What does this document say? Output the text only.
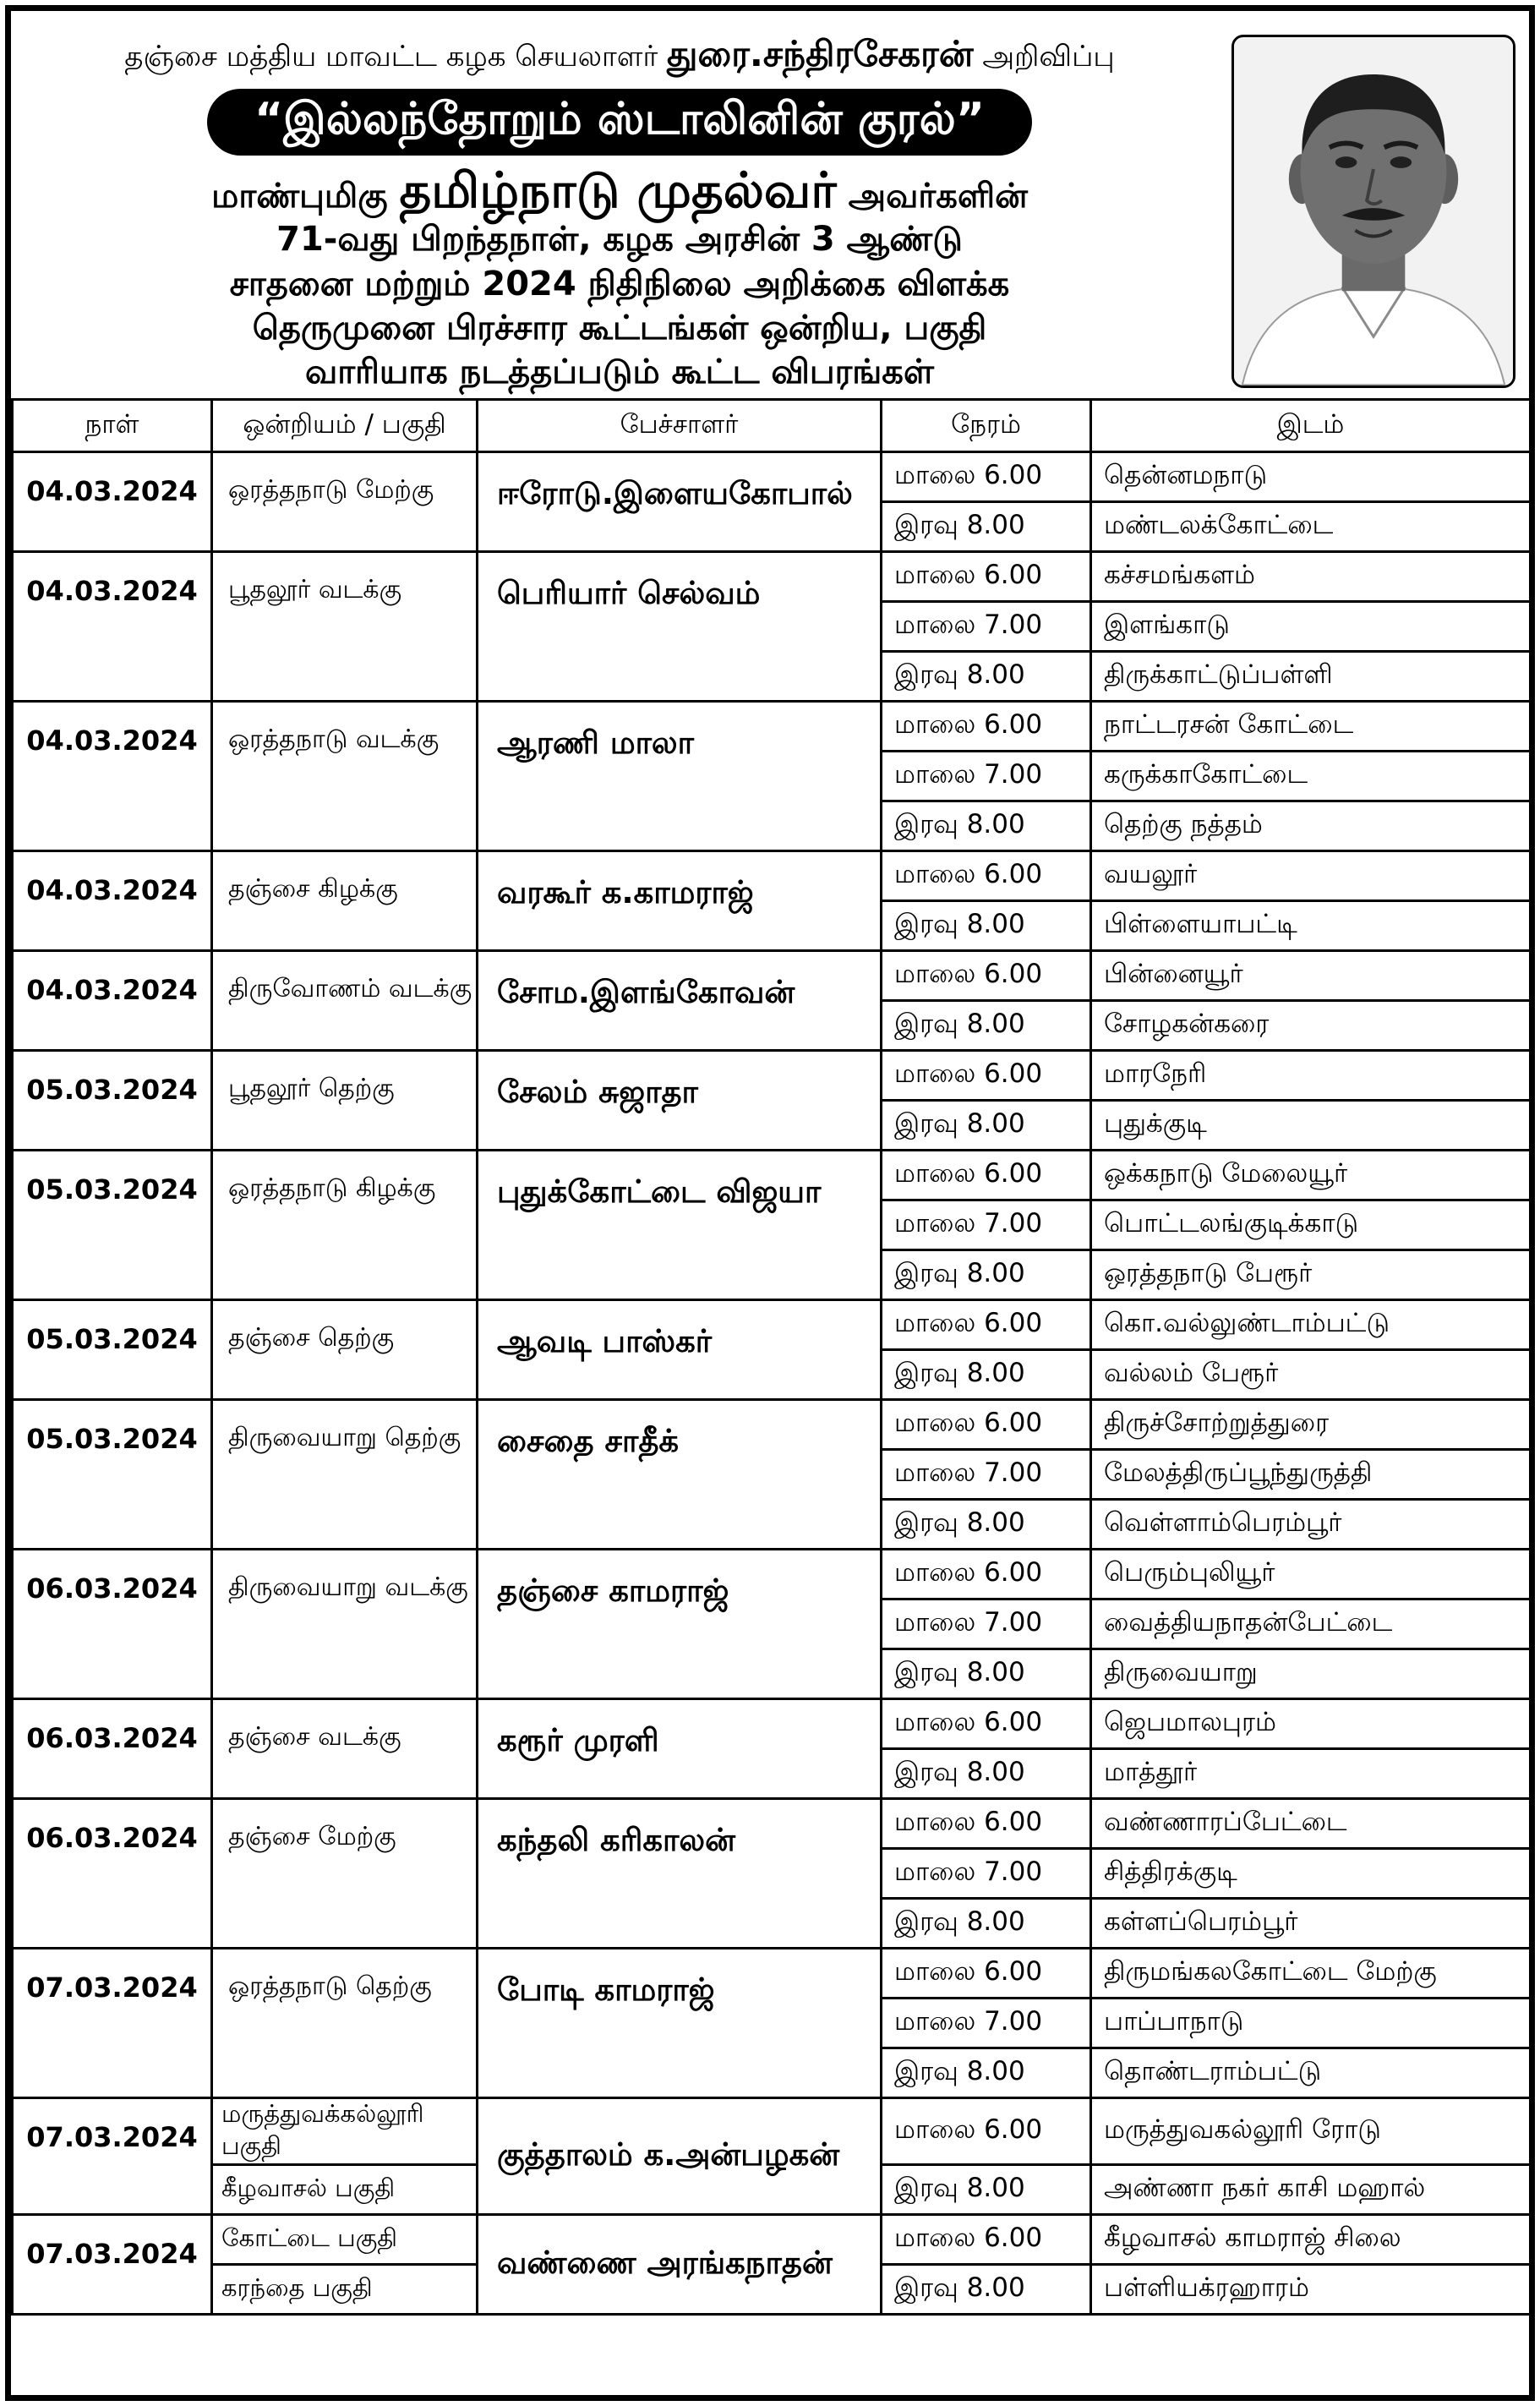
தஞ்சை மத்திய மாவட்ட கழக செயலாளர் துரை.சந்திரசேகரன் அறிவிப்பு
“இல்லந்தோறும் ஸ்டாலினின் குரல்”
மாண்புமிகு தமிழ்நாடு முதல்வர் அவர்களின்
71-வது பிறந்தநாள், கழக அரசின் 3 ஆண்டு
சாதனை மற்றும் 2024 நிதிநிலை அறிக்கை விளக்க
தெருமுனை பிரச்சார கூட்டங்கள் ஒன்றிய, பகுதி
வாரியாக நடத்தப்படும் கூட்ட விபரங்கள்
நாள்	ஒன்றியம் / பகுதி	பேச்சாளர்	நேரம்	இடம்
04.03.2024	ஒரத்தநாடு மேற்கு	ஈரோடு.இளையகோபால்	மாலை 6.00	தென்னமநாடு
			இரவு 8.00	மண்டலக்கோட்டை
04.03.2024	பூதலூர் வடக்கு	பெரியார் செல்வம்	மாலை 6.00	கச்சமங்களம்
			மாலை 7.00	இளங்காடு
			இரவு 8.00	திருக்காட்டுப்பள்ளி
04.03.2024	ஒரத்தநாடு வடக்கு	ஆரணி மாலா	மாலை 6.00	நாட்டரசன் கோட்டை
			மாலை 7.00	கருக்காகோட்டை
			இரவு 8.00	தெற்கு நத்தம்
04.03.2024	தஞ்சை கிழக்கு	வரகூர் க.காமராஜ்	மாலை 6.00	வயலூர்
			இரவு 8.00	பிள்ளையாபட்டி
04.03.2024	திருவோணம் வடக்கு	சோம.இளங்கோவன்	மாலை 6.00	பின்னையூர்
			இரவு 8.00	சோழகன்கரை
05.03.2024	பூதலூர் தெற்கு	சேலம் சுஜாதா	மாலை 6.00	மாரநேரி
			இரவு 8.00	புதுக்குடி
05.03.2024	ஒரத்தநாடு கிழக்கு	புதுக்கோட்டை விஜயா	மாலை 6.00	ஒக்கநாடு மேலையூர்
			மாலை 7.00	பொட்டலங்குடிக்காடு
			இரவு 8.00	ஒரத்தநாடு பேரூர்
05.03.2024	தஞ்சை தெற்கு	ஆவடி பாஸ்கர்	மாலை 6.00	கொ.வல்லுண்டாம்பட்டு
			இரவு 8.00	வல்லம் பேரூர்
05.03.2024	திருவையாறு தெற்கு	சைதை சாதீக்	மாலை 6.00	திருச்சோற்றுத்துரை
			மாலை 7.00	மேலத்திருப்பூந்துருத்தி
			இரவு 8.00	வெள்ளாம்பெரம்பூர்
06.03.2024	திருவையாறு வடக்கு	தஞ்சை காமராஜ்	மாலை 6.00	பெரும்புலியூர்
			மாலை 7.00	வைத்தியநாதன்பேட்டை
			இரவு 8.00	திருவையாறு
06.03.2024	தஞ்சை வடக்கு	கரூர் முரளி	மாலை 6.00	ஜெபமாலபுரம்
			இரவு 8.00	மாத்தூர்
06.03.2024	தஞ்சை மேற்கு	கந்தலி கரிகாலன்	மாலை 6.00	வண்ணாரப்பேட்டை
			மாலை 7.00	சித்திரக்குடி
			இரவு 8.00	கள்ளப்பெரம்பூர்
07.03.2024	ஒரத்தநாடு தெற்கு	போடி காமராஜ்	மாலை 6.00	திருமங்கலகோட்டை மேற்கு
			மாலை 7.00	பாப்பாநாடு
			இரவு 8.00	தொண்டராம்பட்டு
07.03.2024	மருத்துவக்கல்லூரி பகுதி	குத்தாலம் க.அன்பழகன்	மாலை 6.00	மருத்துவகல்லூரி ரோடு
	கீழவாசல் பகுதி		இரவு 8.00	அண்ணா நகர் காசி மஹால்
07.03.2024	கோட்டை பகுதி	வண்ணை அரங்கநாதன்	மாலை 6.00	கீழவாசல் காமராஜ் சிலை
	கரந்தை பகுதி		இரவு 8.00	பள்ளியக்ரஹாரம்
